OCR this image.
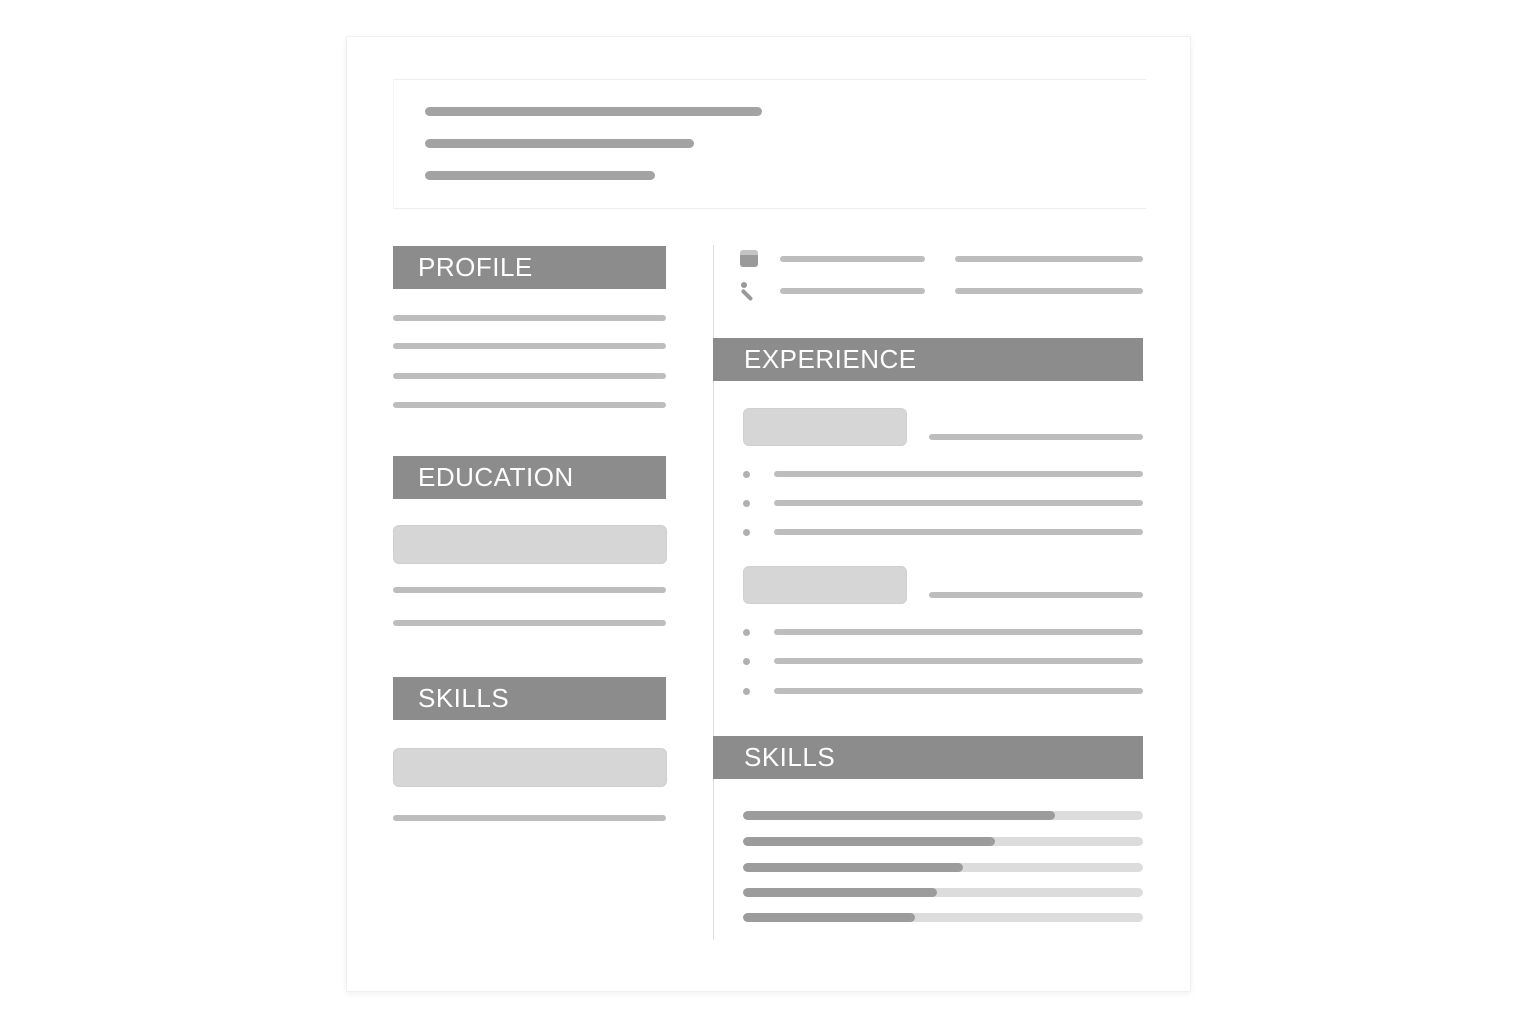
PROFILE
EDUCATION
SKILLS
EXPERIENCE
SKILLS
